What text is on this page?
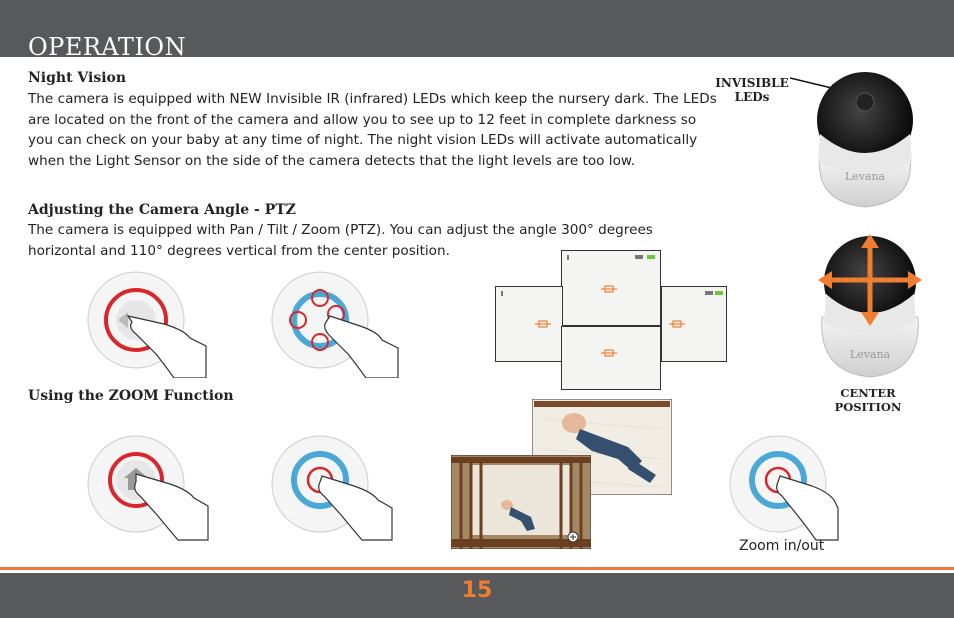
OPERATION
Night Vision

The camera is equipped with NEW Invisible IR (infrared) LEDs which keep the nursery dark. The LEDs are located on the front of the camera and allow you to see up to 12 feet in complete darkness so you can check on your baby at any time of night. The night vision LEDs will activate automatically when the Light Sensor on the side of the camera detects that the light levels are too low.

Adjusting the Camera Angle - PTZ

The camera is equipped with Pan / Tilt / Zoom (PTZ). You can adjust the angle 300° degrees horizontal and 110° degrees vertical from the center position.

Using the ZOOM Function
INVISIBLE
LEDs
Levana
Levana
CENTER POSITION
Zoom in/out
15
